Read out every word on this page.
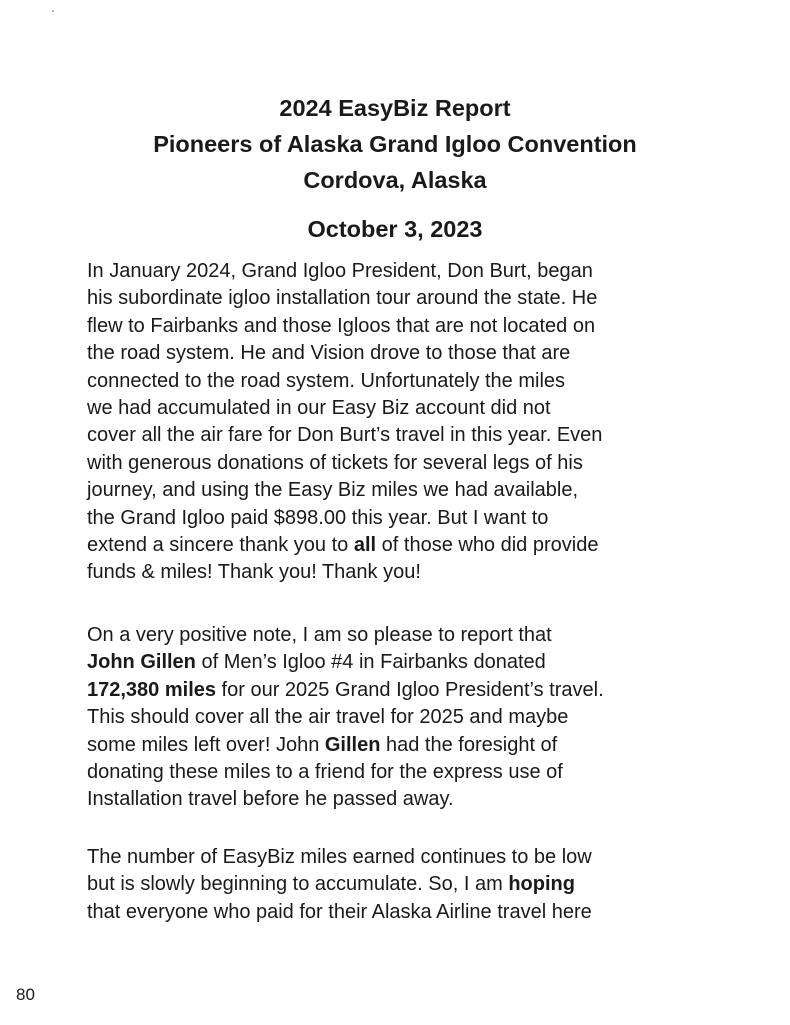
2024 EasyBiz Report
Pioneers of Alaska Grand Igloo Convention
Cordova, Alaska
October 3, 2023
In January 2024, Grand Igloo President, Don Burt, began
his subordinate igloo installation tour around the state. He
flew to Fairbanks and those Igloos that are not located on
the road system. He and Vision drove to those that are
connected to the road system. Unfortunately the miles
we had accumulated in our Easy Biz account did not
cover all the air fare for Don Burt’s travel in this year. Even
with generous donations of tickets for several legs of his
journey, and using the Easy Biz miles we had available,
the Grand Igloo paid $898.00 this year. But I want to
extend a sincere thank you to all of those who did provide
funds & miles! Thank you! Thank you!
On a very positive note, I am so please to report that
John Gillen of Men’s Igloo #4 in Fairbanks donated
172,380 miles for our 2025 Grand Igloo President’s travel.
This should cover all the air travel for 2025 and maybe
some miles left over! John Gillen had the foresight of
donating these miles to a friend for the express use of
Installation travel before he passed away.
The number of EasyBiz miles earned continues to be low
but is slowly beginning to accumulate. So, I am hoping
that everyone who paid for their Alaska Airline travel here
80
